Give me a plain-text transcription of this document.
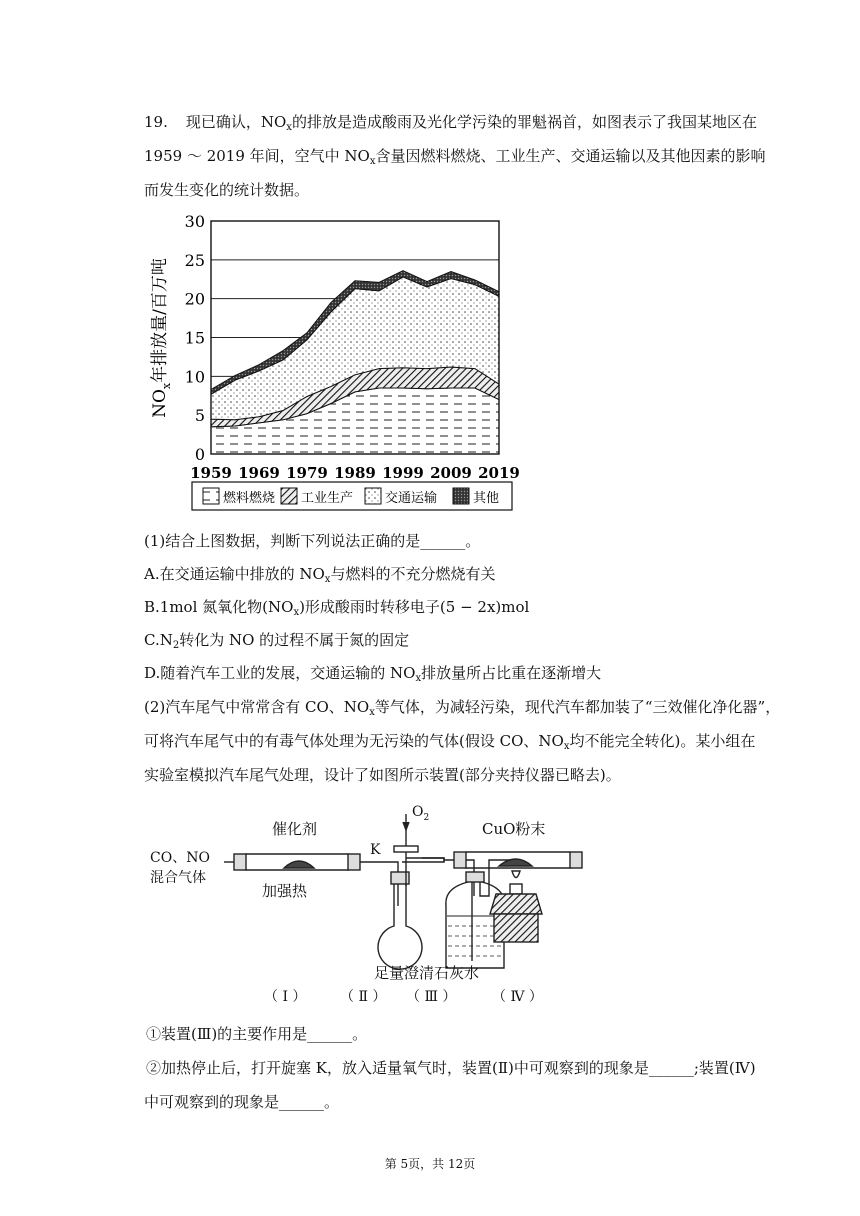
19. 现已确认，$NO_x$的排放是造成酸雨及光化学污染的罪魁祸首，如图表示了我国某地区在
1959 ～ 2019 年间，空气中 $NO_x$含量因燃料燃烧、工业生产、交通运输以及其他因素的影响
而发生变化的统计数据。
0
5
10
15
20
25
30
1959 1969 1979 1989 1999 2009 2019
$NO_x$年排放量/百万吨
燃料燃烧 工业生产 交通运输	其他
(1)结合上图数据，判断下列说法正确的是______。
A.在交通运输中排放的 $NO_x$与燃料的不充分燃烧有关
B.1mol 氮氧化物$(NO_x)$形成酸雨时转移电子(5 − 2x)mol
$C.N_2$转化为 NO 的过程不属于氮的固定
D.随着汽车工业的发展，交通运输的 $NO_x$排放量所占比重在逐渐增大
(2)汽车尾气中常常含有 CO、$NO_x$等气体，为减轻污染，现代汽车都加装了“三效催化净化器”，
可将汽车尾气中的有毒气体处理为无污染的气体(假设 CO、$NO_x$均不能完全转化)。某小组在
实验室模拟汽车尾气处理，设计了如图所示装置(部分夹持仪器已略去)。
CO、NO
混合气体
催化剂
加强热
$O_2$
K
CuO粉末
足量澄清石灰水
（ Ⅰ ） （ Ⅱ ） （ Ⅲ ）	（ Ⅳ ）
①装置(Ⅲ)的主要作用是______。
②加热停止后，打开旋塞 K，放入适量氧气时，装置(Ⅱ)中可观察到的现象是______;装置(Ⅳ)
中可观察到的现象是______。
第 5页，共 12页
